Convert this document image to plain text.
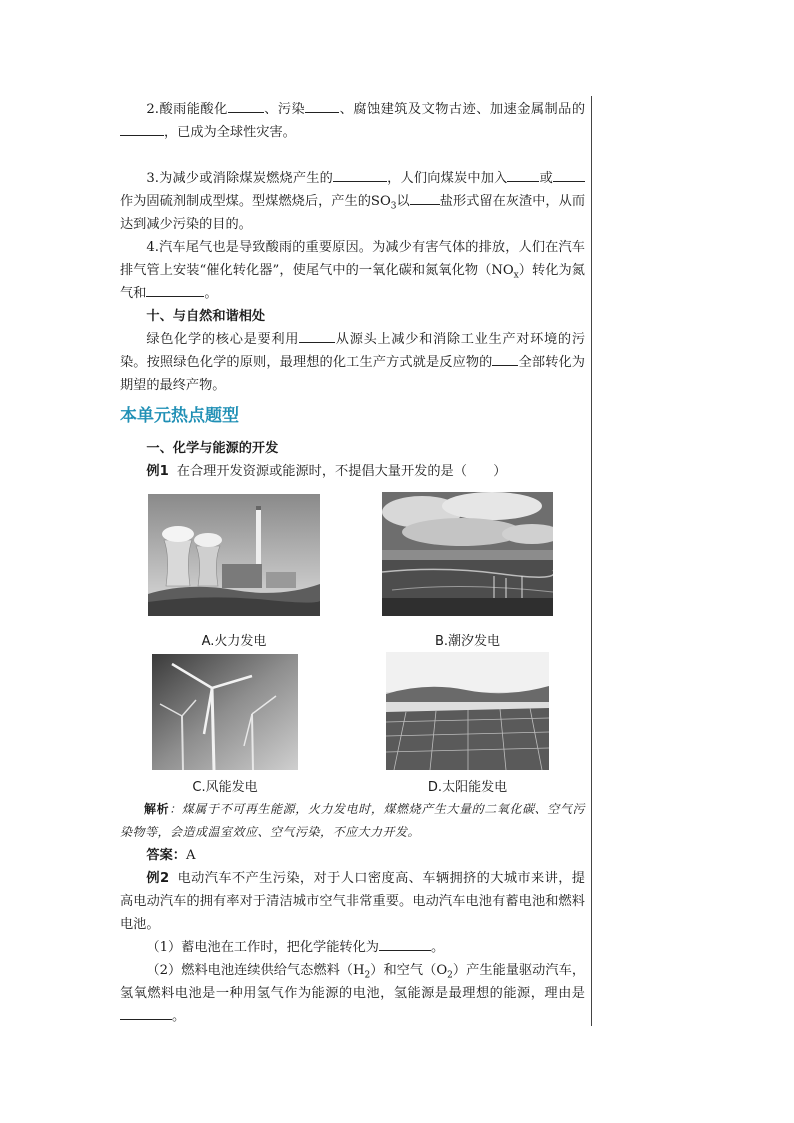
2.酸雨能酸化	、污染	、腐蚀建筑及文物古迹、加速金属制品的，已成为全球性灾害。

3.为减少或消除煤炭燃烧产生的	，人们向煤炭中加入 或作为固硫剂制成型煤。型煤燃烧后，产生的$SO_3$以 盐形式留在灰渣中，从而达到减少污染的目的。

4.汽车尾气也是导致酸雨的重要原因。为减少有害气体的排放，人们在汽车排气管上安装“催化转化器”，使尾气中的一氧化碳和氮氧化物$(NO_x)$转化为氮气和	。

十、与自然和谐相处

绿色化学的核心是要利用	从源头上减少和消除工业生产对环境的污染。按照绿色化学的原则，最理想的化工生产方式就是反应物的 全部转化为期望的最终产物。

本单元热点题型

一、化学与能源的开发

例1 在合理开发资源或能源时，不提倡大量开发的是（　　）

A.火力发电	B.潮汐发电
C.风能发电	D.太阳能发电

解析：煤属于不可再生能源，火力发电时，煤燃烧产生大量的二氧化碳、空气污染物等，会造成温室效应、空气污染，不应大力开发。

答案：A

例2 电动汽车不产生污染，对于人口密度高、车辆拥挤的大城市来讲，提高电动汽车的拥有率对于清洁城市空气非常重要。电动汽车电池有蓄电池和燃料电池。

（1）蓄电池在工作时，把化学能转化为	。

（2）燃料电池连续供给气态燃料$(H_2)$和空气$(O_2)$产生能量驱动汽车，氢氧燃料电池是一种用氢气作为能源的电池，氢能源是最理想的能源，理由是。
